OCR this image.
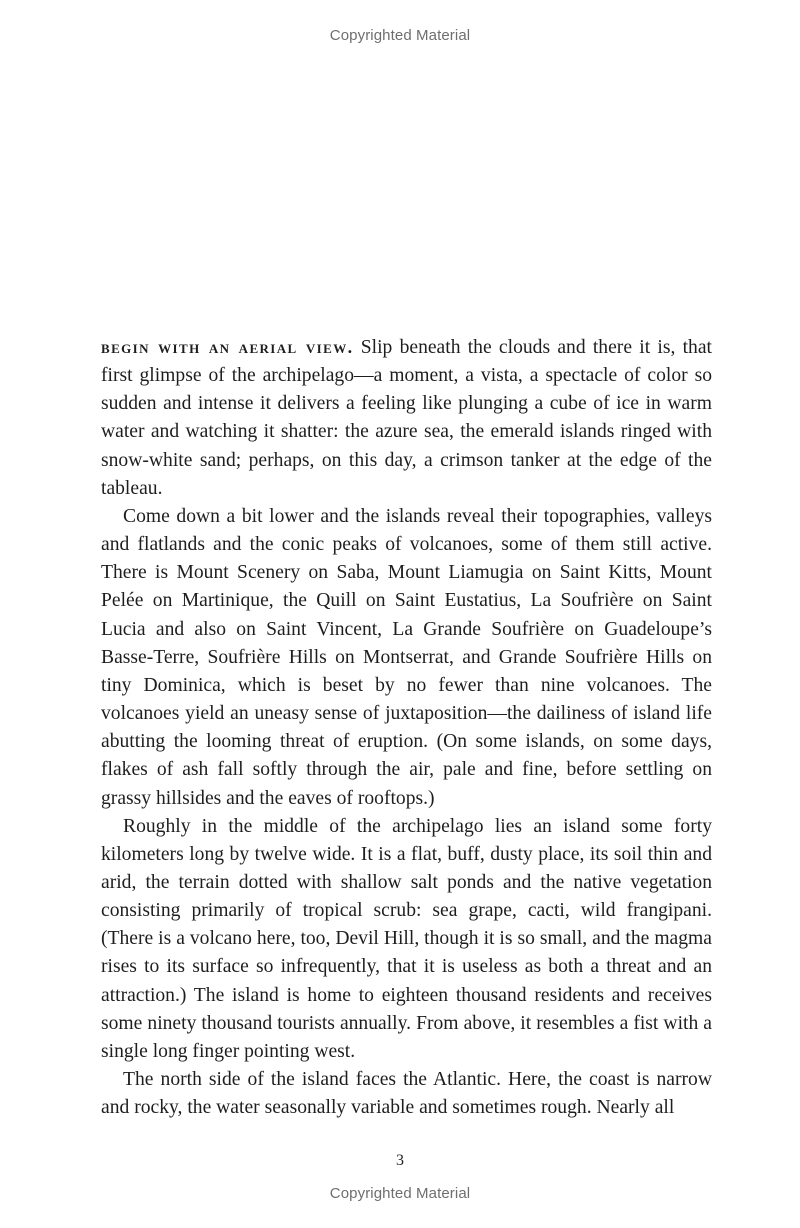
Copyrighted Material

begin with an aerial view. Slip beneath the clouds and there it is, that first glimpse of the archipelago—a moment, a vista, a spectacle of color so sudden and intense it delivers a feeling like plunging a cube of ice in warm water and watching it shatter: the azure sea, the emerald islands ringed with snow-white sand; perhaps, on this day, a crimson tanker at the edge of the tableau.

Come down a bit lower and the islands reveal their topographies, valleys and flatlands and the conic peaks of volcanoes, some of them still active. There is Mount Scenery on Saba, Mount Liamugia on Saint Kitts, Mount Pelée on Martinique, the Quill on Saint Eustatius, La Soufrière on Saint Lucia and also on Saint Vincent, La Grande Soufrière on Guadeloupe’s Basse-Terre, Soufrière Hills on Montserrat, and Grande Soufrière Hills on tiny Dominica, which is beset by no fewer than nine volcanoes. The volcanoes yield an uneasy sense of juxtaposition—the dailiness of island life abutting the looming threat of eruption. (On some islands, on some days, flakes of ash fall softly through the air, pale and fine, before settling on grassy hillsides and the eaves of rooftops.)

Roughly in the middle of the archipelago lies an island some forty kilometers long by twelve wide. It is a flat, buff, dusty place, its soil thin and arid, the terrain dotted with shallow salt ponds and the native vegetation consisting primarily of tropical scrub: sea grape, cacti, wild frangipani. (There is a volcano here, too, Devil Hill, though it is so small, and the magma rises to its surface so infrequently, that it is useless as both a threat and an attraction.) The island is home to eighteen thousand residents and receives some ninety thousand tourists annually. From above, it resembles a fist with a single long finger pointing west.

The north side of the island faces the Atlantic. Here, the coast is narrow and rocky, the water seasonally variable and sometimes rough. Nearly all

3
Copyrighted Material
